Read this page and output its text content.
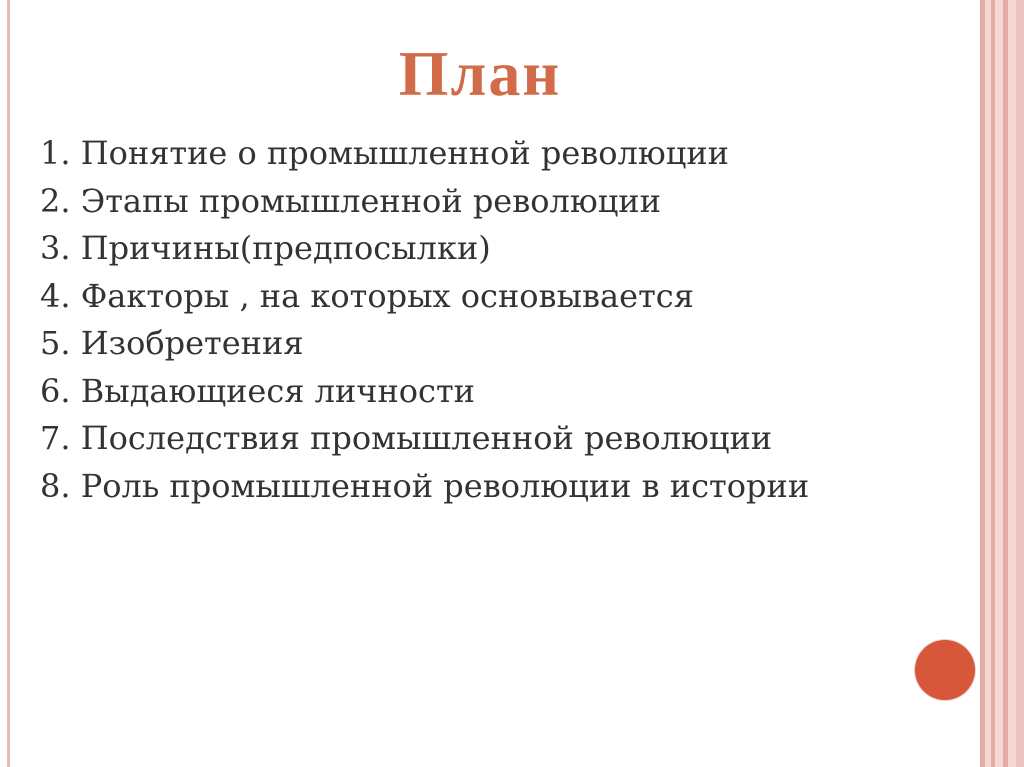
План
1. Понятие о промышленной революции
2. Этапы промышленной революции
3. Причины(предпосылки)
4. Факторы , на которых основывается
5. Изобретения
6. Выдающиеся личности
7. Последствия промышленной революции
8. Роль промышленной революции в истории
